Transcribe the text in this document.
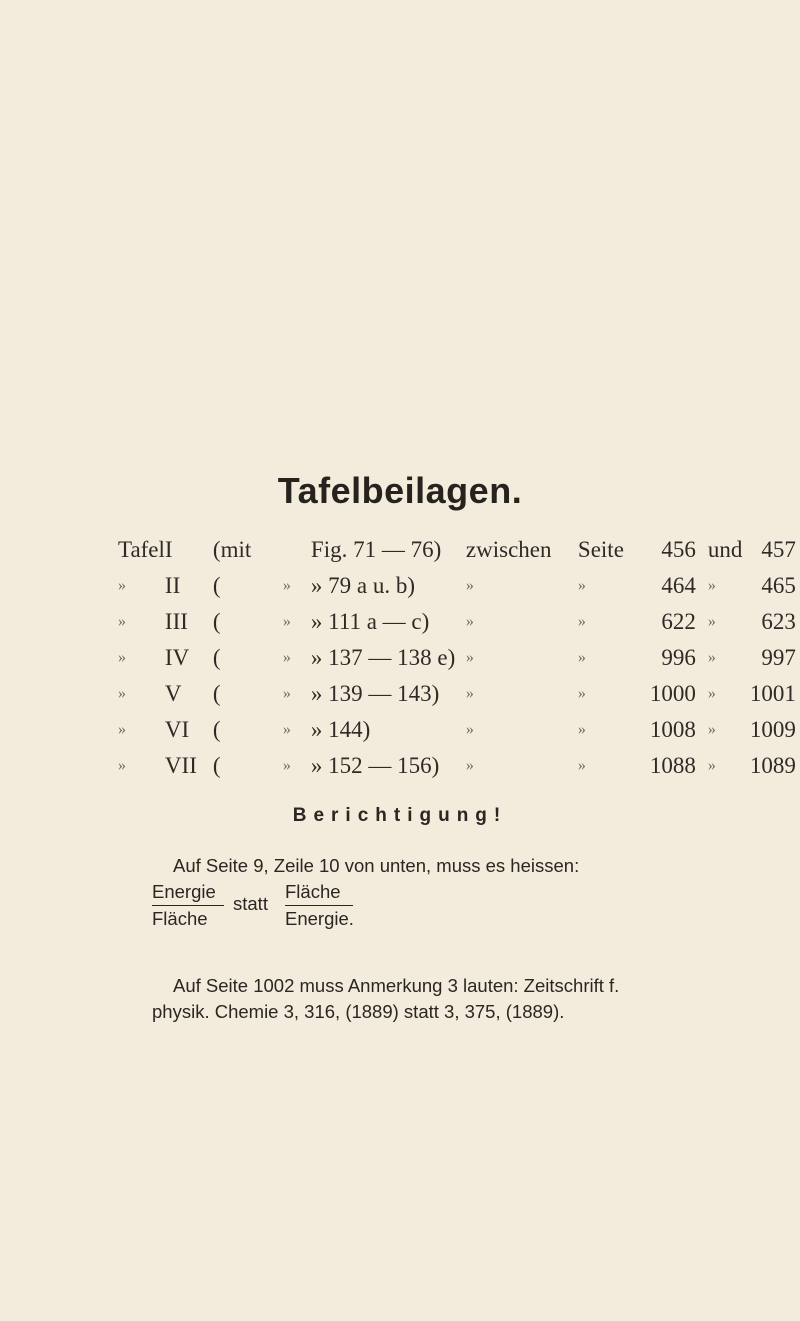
Tafelbeilagen.
Tafel	I	(mit		Fig. 71 — 76)	zwischen	Seite	456	und	457
»	II	(	»	» 79 a u. b)	»	»	464	»	465
»	III	(	»	» 111 a — c)	»	»	622	»	623
»	IV	(	»	» 137 — 138 e)	»	»	996	»	997
»	V	(	»	» 139 — 143)	»	»	1000	»	1001
»	VI	(	»	» 144)	»	»	1008	»	1009
»	VII	(	»	» 152 — 156)	»	»	1088	»	1089
Berichtigung!
Auf Seite 9, Zeile 10 von unten, muss es heissen:
Energie
Fläche
statt
Fläche
Energie.
Auf Seite 1002 muss Anmerkung 3 lauten: Zeitschrift f.
physik. Chemie 3, 316, (1889) statt 3, 375, (1889).
